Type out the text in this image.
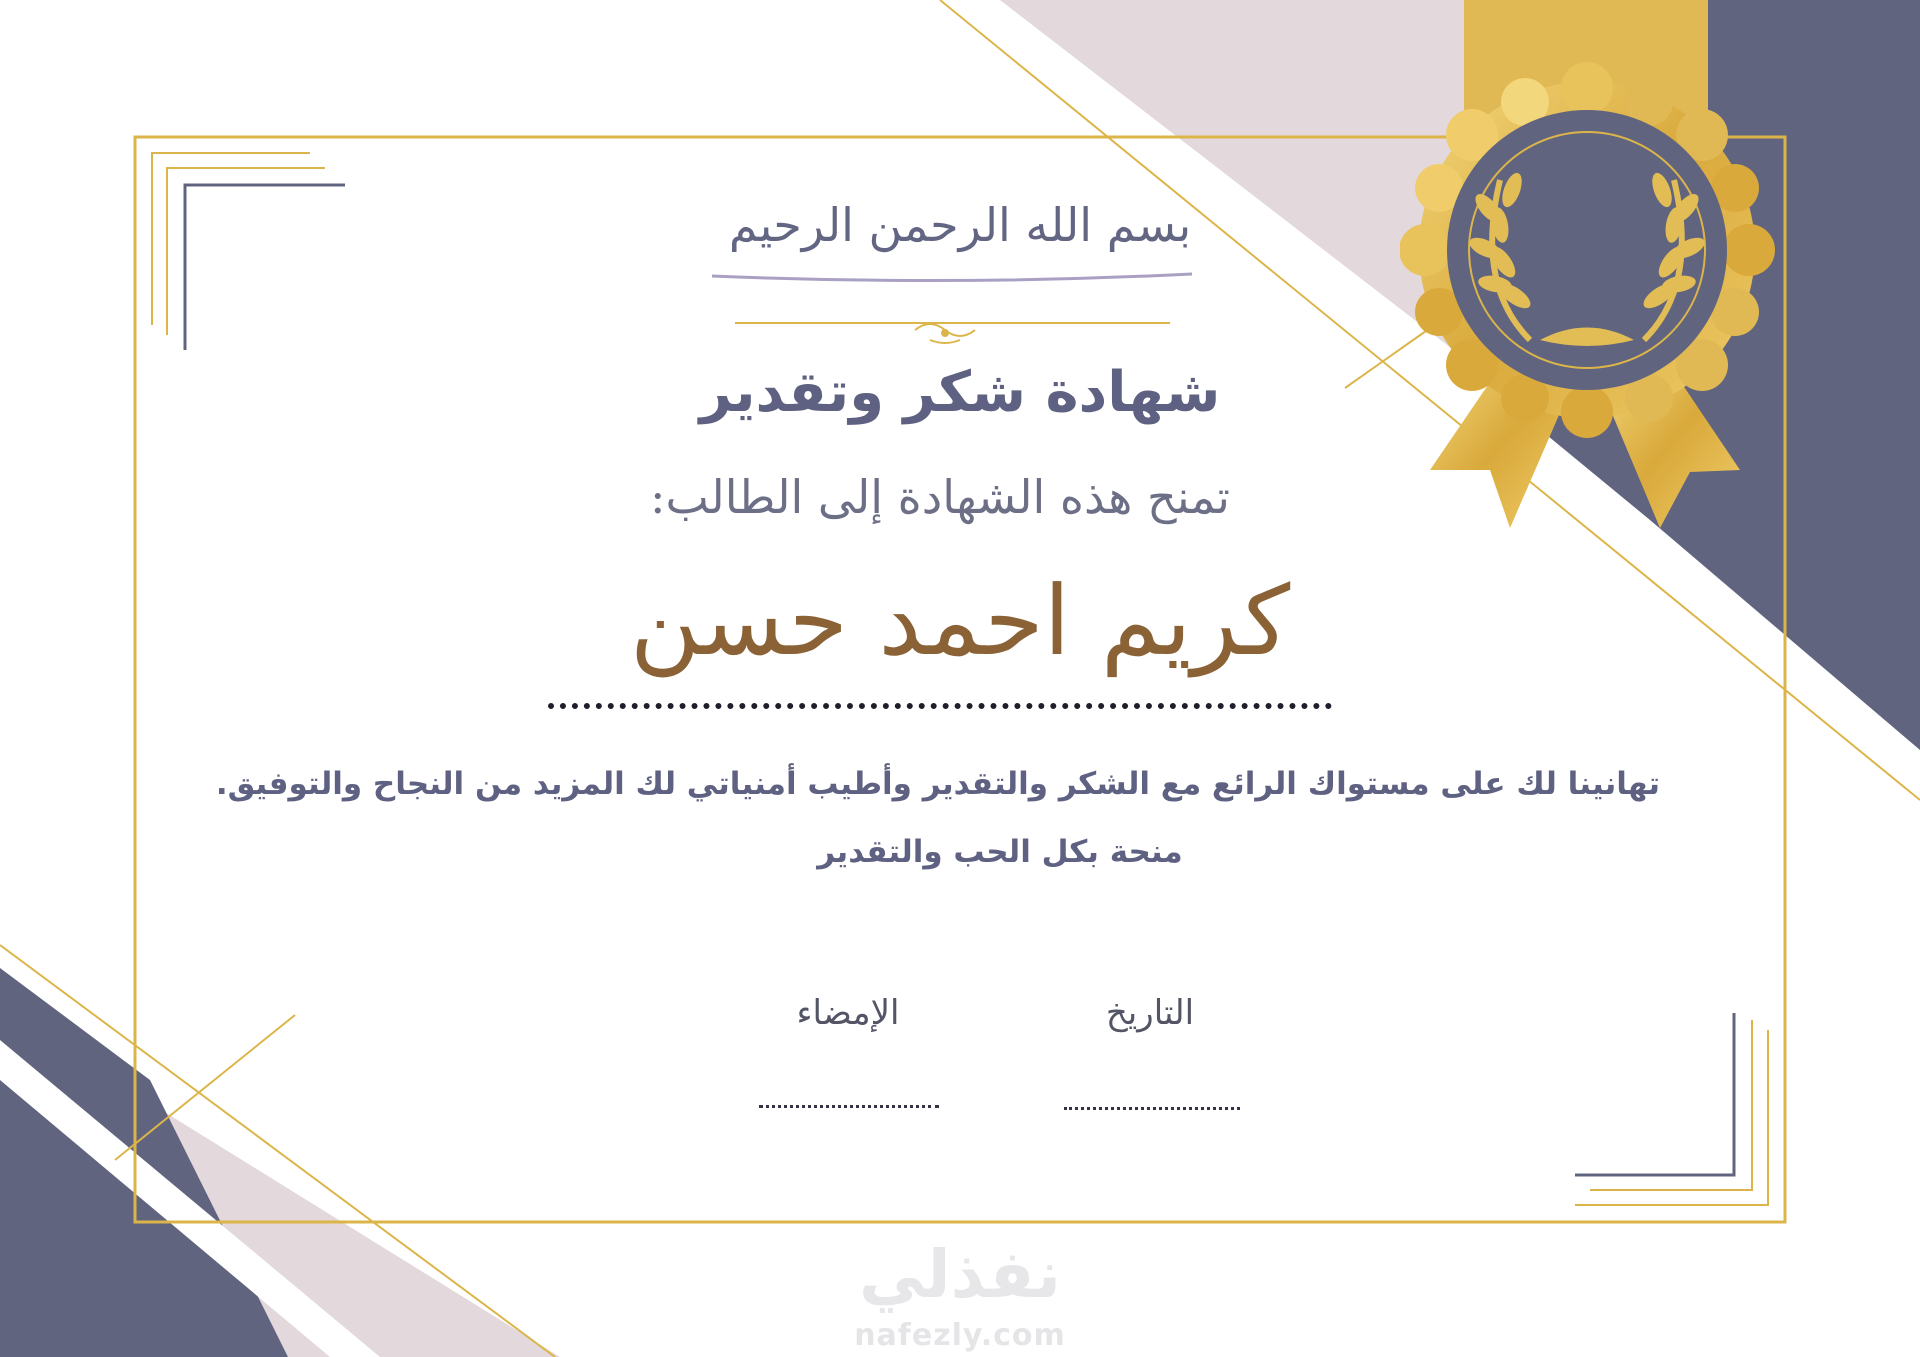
بسم الله الرحمن الرحيم
شهادة شكر وتقدير
تمنح هذه الشهادة إلى الطالب:
كريم احمد حسن
تهانينا لك على مستواك الرائع مع الشكر والتقدير وأطيب أمنياتي لك المزيد من النجاح والتوفيق.
منحة بكل الحب والتقدير
التاريخ
الإمضاء
نفذلي
nafezly.com
